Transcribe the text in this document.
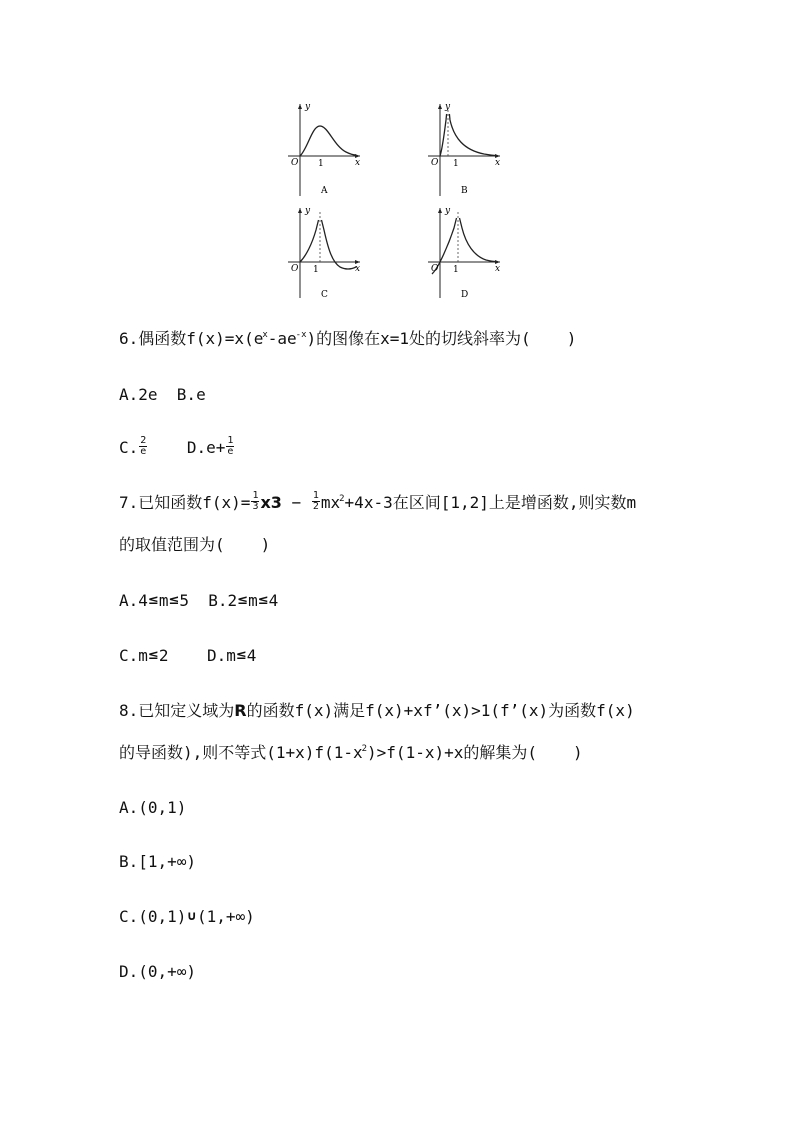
y
x
O 1
A
y
x
O 1
B
y
x
O 1
C
y
x
O 1
D
6.偶函数$f(x)=x(e^x-ae^{-x})$的图像在x=1处的切线斜率为( )
A.2e B.e
C. $\frac{2}{e} D.e+ \frac{1}{e}$
7.已知函数$f(x)= \frac{1}{3} x3 - \frac{1}{2} mx^2+4x-3$在区间[1,2]上是增函数,则实数m
的取值范围为( )
A.4≤m≤5 B.2≤m≤4
C.m≤2 D.m≤4
8.已知定义域为R的函数f(x)满足f(x)+xf’(x)>1(f’(x)为函数f(x)
的导函数),则不等式$(1+x)f(1-x^2)>f(1-x)+x$的解集为( )
A.(0,1)
B.[1,+∞)
C.(0,1)∪(1,+∞)
D.(0,+∞)
